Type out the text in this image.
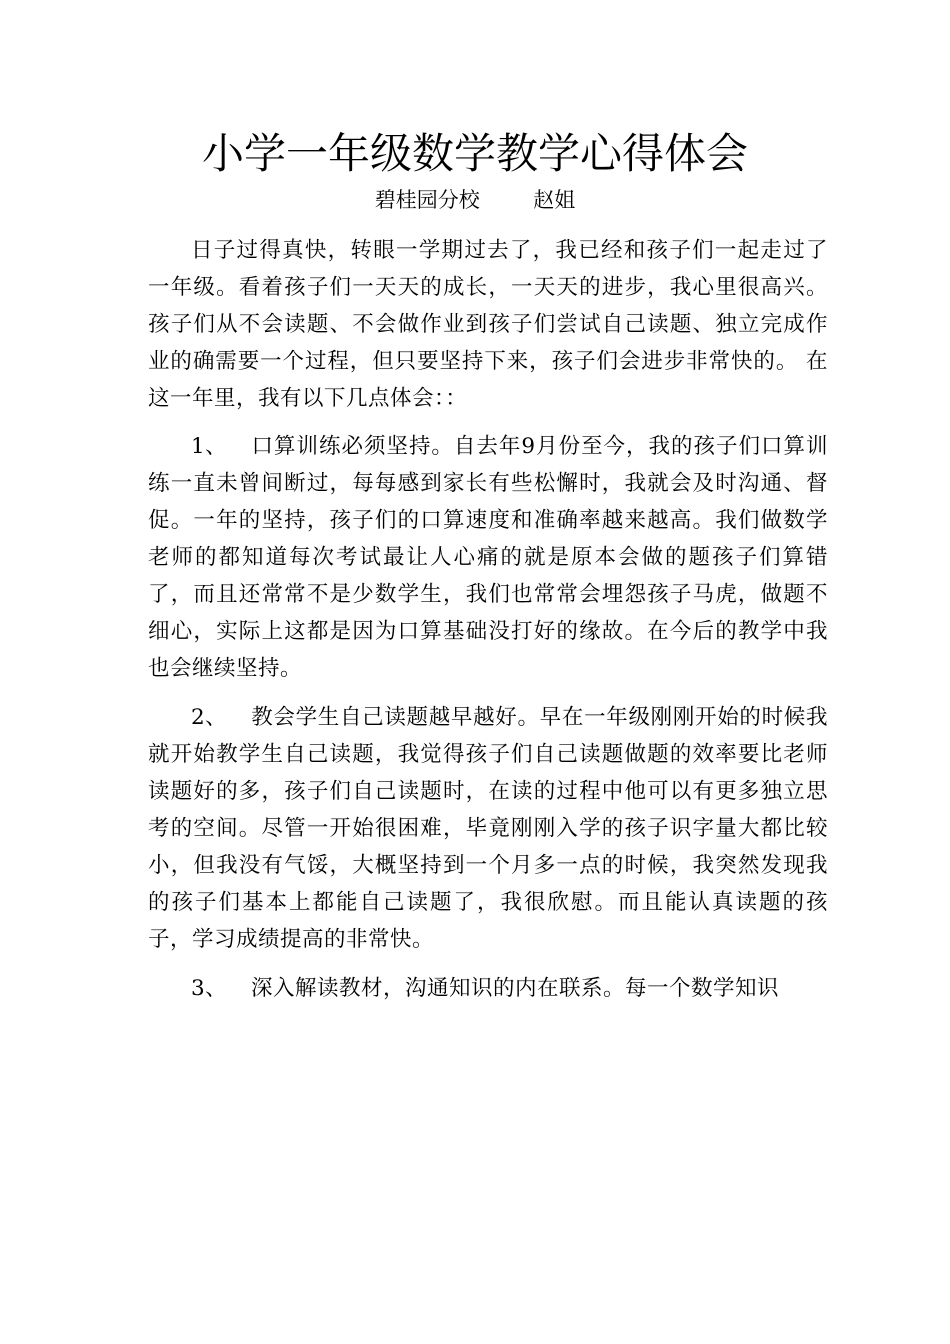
小学一年级数学教学心得体会
碧桂园分校        赵姐

日子过得真快，转眼一学期过去了，我已经和孩子们一起走过了一年级。看着孩子们一天天的成长，一天天的进步，我心里很高兴。孩子们从不会读题、不会做作业到孩子们尝试自己读题、独立完成作业的确需要一个过程，但只要坚持下来，孩子们会进步非常快的。 在这一年里，我有以下几点体会：：

1、 口算训练必须坚持。自去年9月份至今，我的孩子们口算训练一直未曾间断过，每每感到家长有些松懈时，我就会及时沟通、督促。一年的坚持，孩子们的口算速度和准确率越来越高。我们做数学老师的都知道每次考试最让人心痛的就是原本会做的题孩子们算错了，而且还常常不是少数学生，我们也常常会埋怨孩子马虎，做题不细心，实际上这都是因为口算基础没打好的缘故。在今后的教学中我也会继续坚持。

2、 教会学生自己读题越早越好。早在一年级刚刚开始的时候我就开始教学生自己读题，我觉得孩子们自己读题做题的效率要比老师读题好的多，孩子们自己读题时，在读的过程中他可以有更多独立思考的空间。尽管一开始很困难，毕竟刚刚入学的孩子识字量大都比较小，但我没有气馁，大概坚持到一个月多一点的时候，我突然发现我的孩子们基本上都能自己读题了，我很欣慰。而且能认真读题的孩子，学习成绩提高的非常快。

3、 深入解读教材，沟通知识的内在联系。每一个数学知识
